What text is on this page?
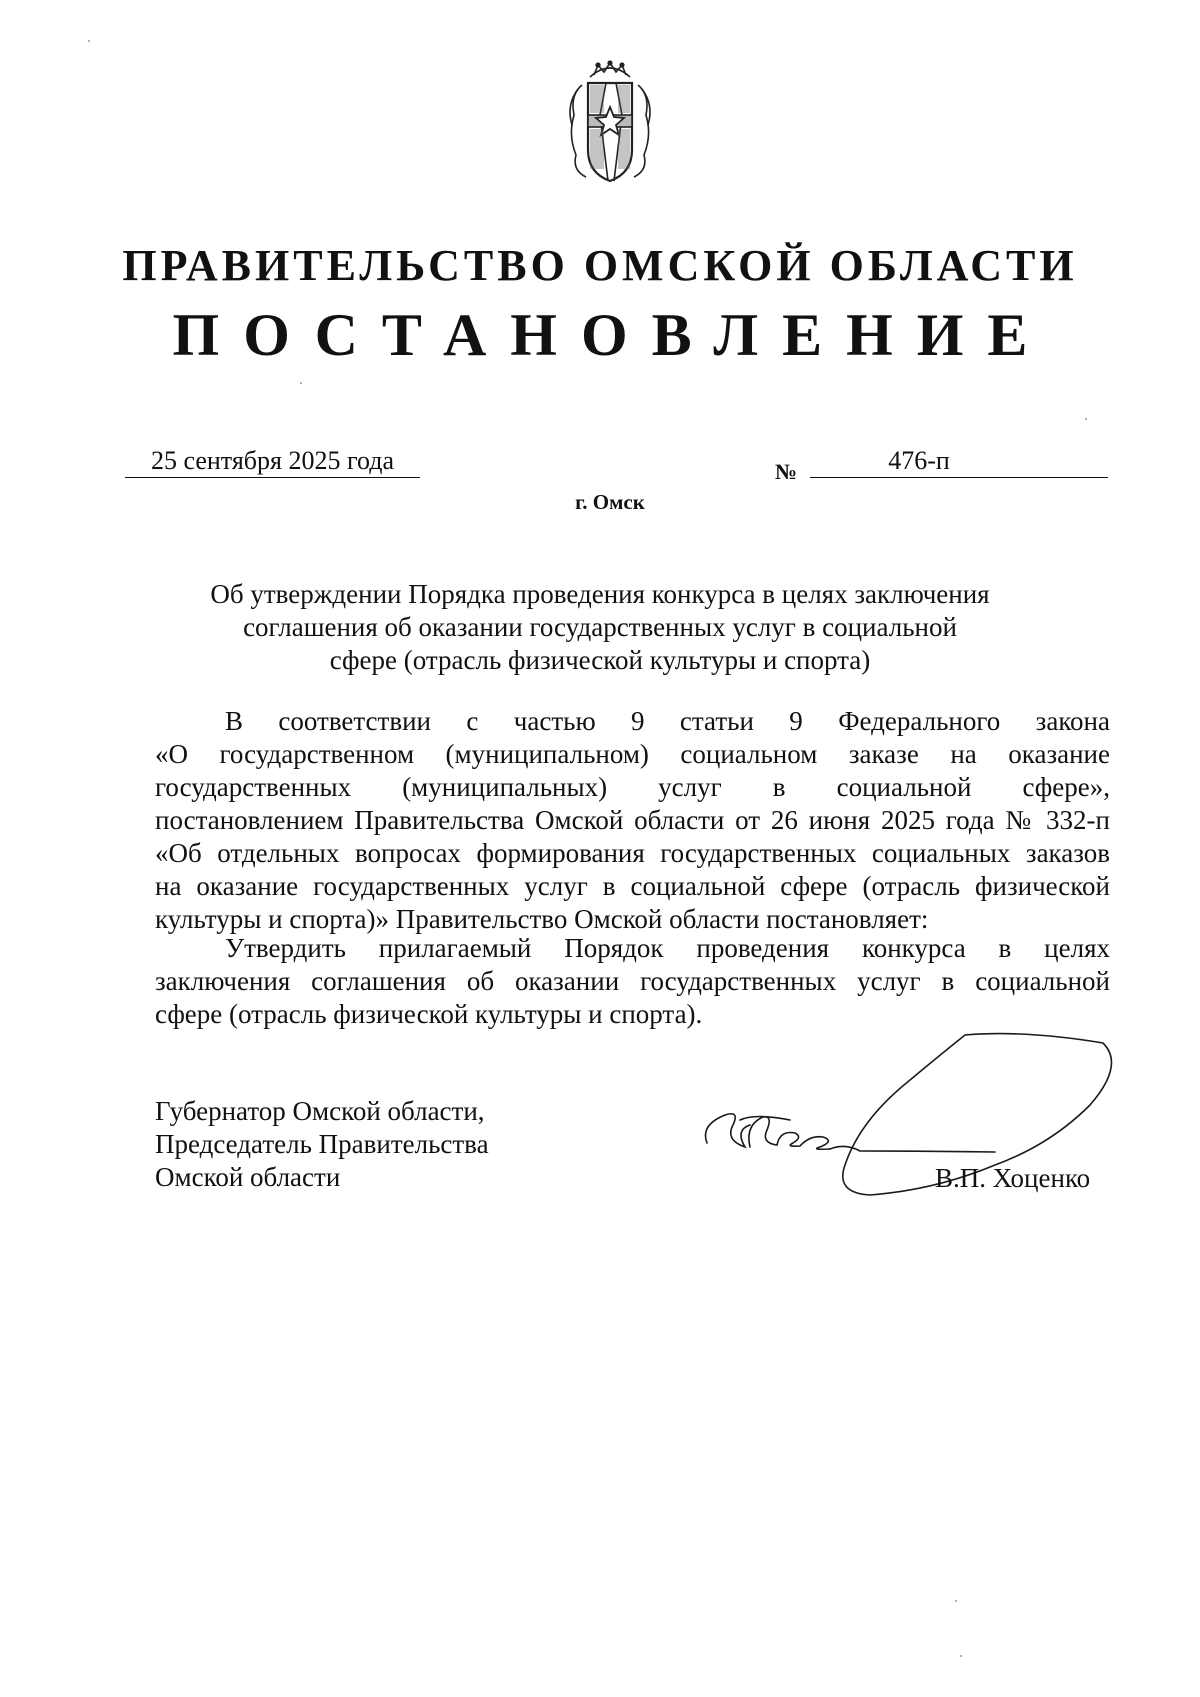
ПРАВИТЕЛЬСТВО ОМСКОЙ ОБЛАСТИ
ПОСТАНОВЛЕНИЕ
25 сентября 2025 года	№	476-п
г. Омск
Об утверждении Порядка проведения конкурса в целях заключения
соглашения об оказании государственных услуг в социальной
сфере (отрасль физической культуры и спорта)
В соответствии с частью 9 статьи 9 Федерального закона
«О государственном (муниципальном) социальном заказе на оказание
государственных (муниципальных) услуг в социальной сфере»,
постановлением Правительства Омской области от 26 июня 2025 года № 332-п
«Об отдельных вопросах формирования государственных социальных заказов
на оказание государственных услуг в социальной сфере (отрасль физической
культуры и спорта)» Правительство Омской области постановляет:
Утвердить прилагаемый Порядок проведения конкурса в целях
заключения соглашения об оказании государственных услуг в социальной
сфере (отрасль физической культуры и спорта).
Губернатор Омской области,
Председатель Правительства
Омской области	В.П. Хоценко
